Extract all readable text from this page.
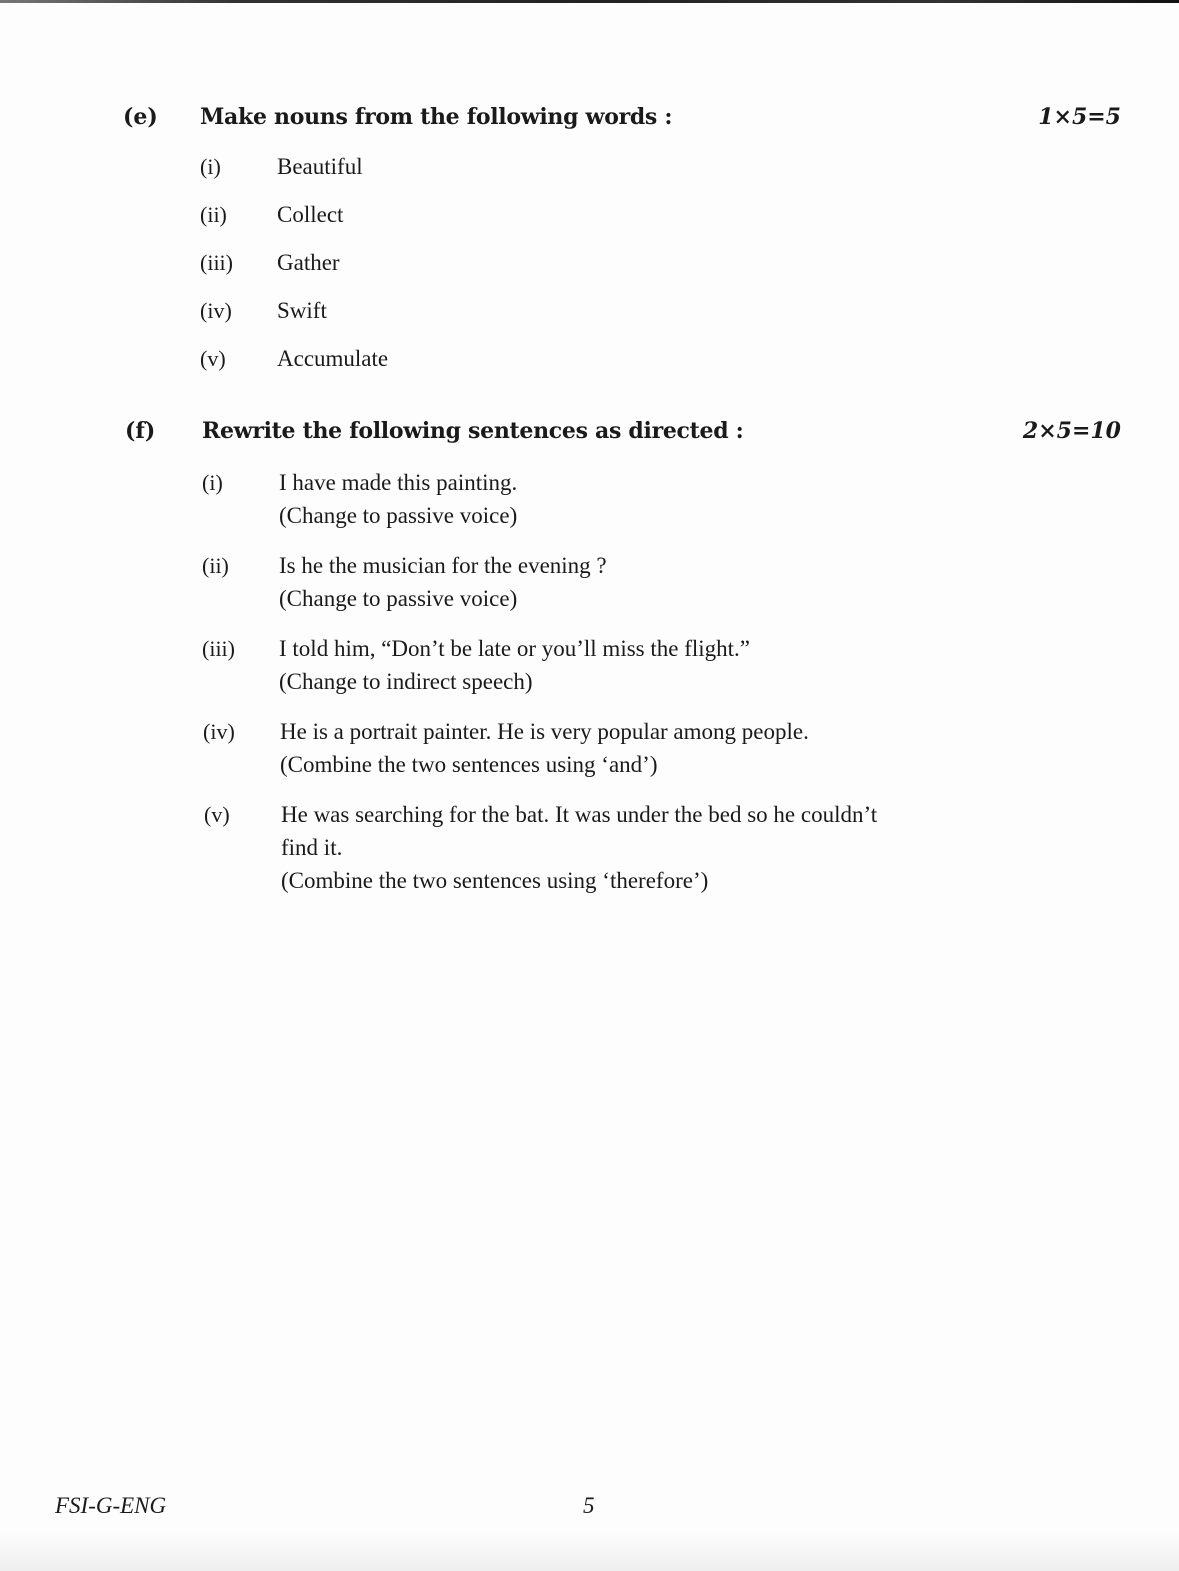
(e) Make nouns from the following words :	1×5=5
(i) Beautiful
(ii) Collect
(iii) Gather
(iv) Swift
(v) Accumulate
(f) Rewrite the following sentences as directed :	2×5=10
(i) I have made this painting.
(Change to passive voice)
(ii) Is he the musician for the evening ?
(Change to passive voice)
(iii) I told him, “Don’t be late or you’ll miss the flight.”
(Change to indirect speech)
(iv) He is a portrait painter. He is very popular among people.
(Combine the two sentences using ‘and’)
(v) He was searching for the bat. It was under the bed so he couldn’t
find it.
(Combine the two sentences using ‘therefore’)
FSI-G-ENG	5
